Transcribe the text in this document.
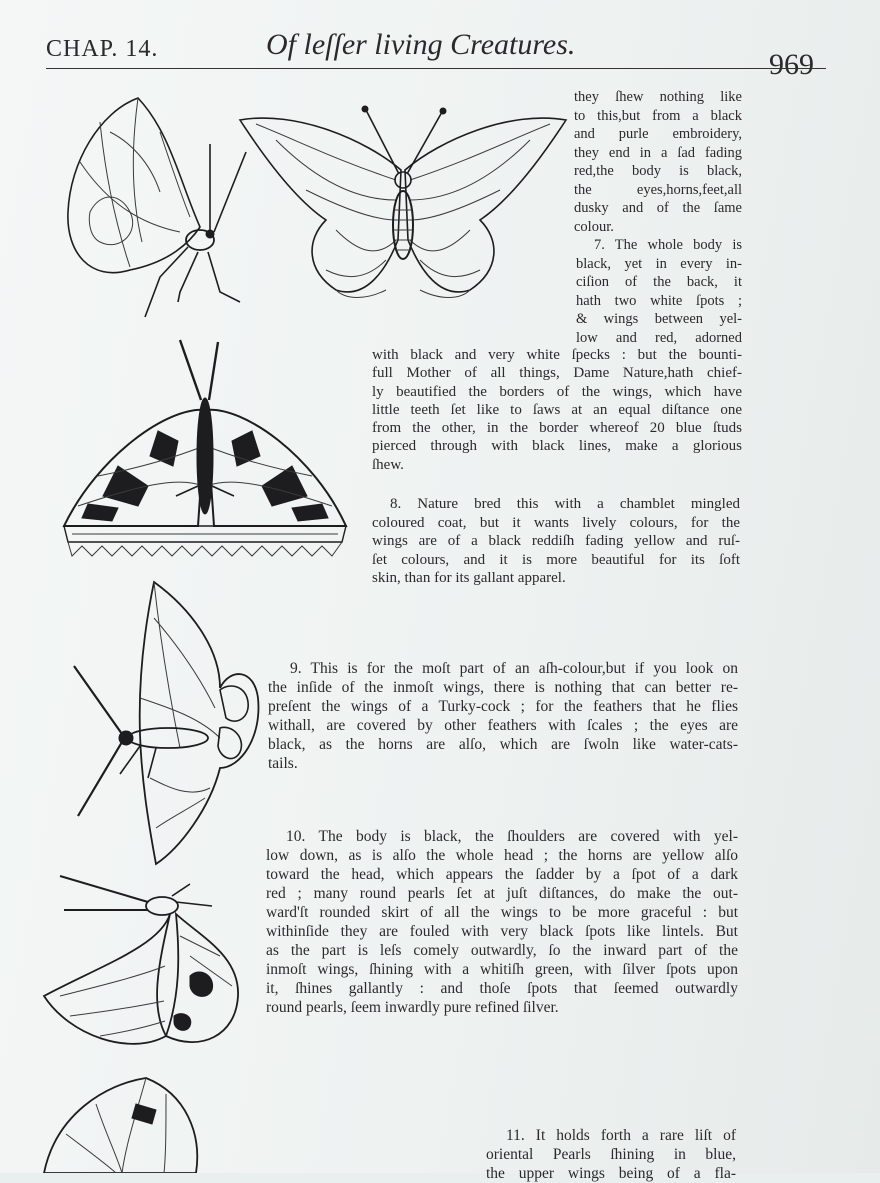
CHAP. 14.	Of leſſer living Creatures.
969
they ſhew nothing like
to this,but from a black
and purle embroidery,
they end in a ſad fading
red,the body is black,
the eyes,horns,feet,all
dusky and of the ſame
colour.
7. The whole body is
black, yet in every in-
ciſion of the back, it
hath two white ſpots ;
& wings between yel-
low and red, adorned
with black and very white ſpecks : but the bounti-
full Mother of all things, Dame Nature,hath chief-
ly beautified the borders of the wings, which have
little teeth ſet like to ſaws at an equal diſtance one
from the other, in the border whereof 20 blue ſtuds
pierced through with black lines, make a glorious
ſhew.
8. Nature bred this with a chamblet mingled
coloured coat, but it wants lively colours, for the
wings are of a black reddiſh fading yellow and ruſ-
ſet colours, and it is more beautiful for its ſoft
skin, than for its gallant apparel.
9. This is for the moſt part of an aſh-colour,but if you look on
the inſide of the inmoſt wings, there is nothing that can better re-
preſent the wings of a Turky-cock ; for the feathers that he flies
withall, are covered by other feathers with ſcales ; the eyes are
black, as the horns are alſo, which are ſwoln like water-cats-
tails.
10. The body is black, the ſhoulders are covered with yel-
low down, as is alſo the whole head ; the horns are yellow alſo
toward the head, which appears the ſadder by a ſpot of a dark
red ; many round pearls ſet at juſt diſtances, do make the out-
ward'ſt rounded skirt of all the wings to be more graceful : but
withinſide they are fouled with very black ſpots like lintels. But
as the part is leſs comely outwardly, ſo the inward part of the
inmoſt wings, ſhining with a whitiſh green, with ſilver ſpots upon
it, ſhines gallantly : and thoſe ſpots that ſeemed outwardly
round pearls, ſeem inwardly pure refined ſilver.
11. It holds forth a rare liſt of
oriental Pearls ſhining in blue,
the upper wings being of a fla-
